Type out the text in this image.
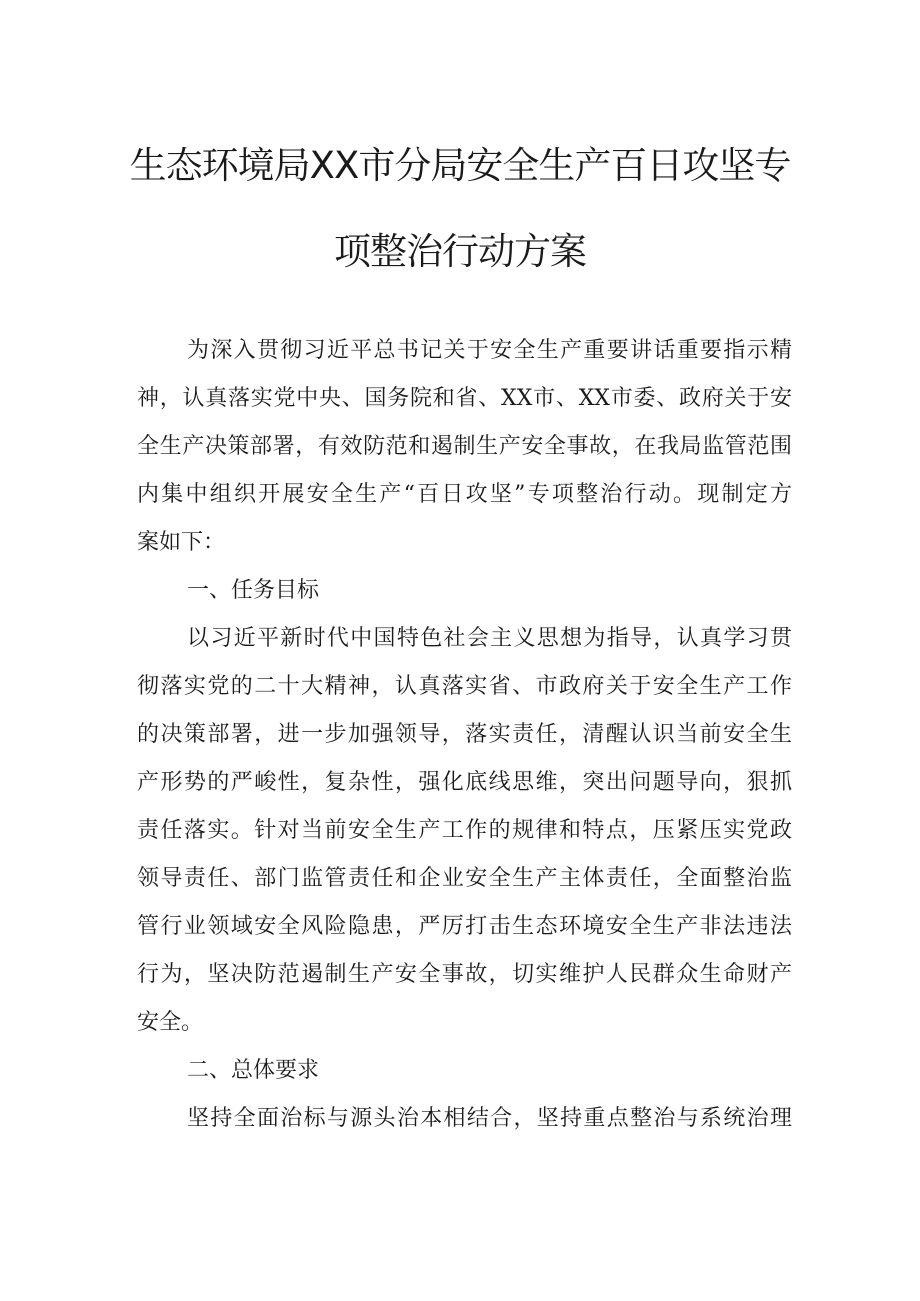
生态环境局XX市分局安全生产百日攻坚专
项整治行动方案
为深入贯彻习近平总书记关于安全生产重要讲话重要指示精
神，认真落实党中央、国务院和省、XX市、XX市委、政府关于安
全生产决策部署，有效防范和遏制生产安全事故，在我局监管范围
内集中组织开展安全生产“百日攻坚”专项整治行动。现制定方
案如下：
一、任务目标
以习近平新时代中国特色社会主义思想为指导，认真学习贯
彻落实党的二十大精神，认真落实省、市政府关于安全生产工作
的决策部署，进一步加强领导，落实责任，清醒认识当前安全生
产形势的严峻性，复杂性，强化底线思维，突出问题导向，狠抓
责任落实。针对当前安全生产工作的规律和特点，压紧压实党政
领导责任、部门监管责任和企业安全生产主体责任，全面整治监
管行业领域安全风险隐患，严厉打击生态环境安全生产非法违法
行为，坚决防范遏制生产安全事故，切实维护人民群众生命财产
安全。
二、总体要求
坚持全面治标与源头治本相结合，坚持重点整治与系统治理
